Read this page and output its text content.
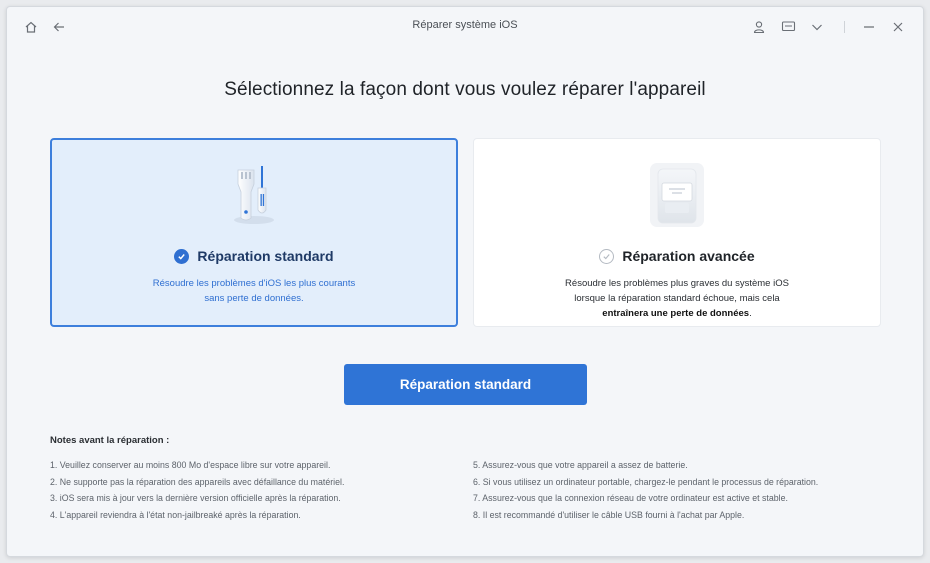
Réparer système iOS
Sélectionnez la façon dont vous voulez réparer l'appareil
Réparation standard
Résoudre les problèmes d'iOS les plus courants
sans perte de données.
Réparation avancée
Résoudre les problèmes plus graves du système iOS
lorsque la réparation standard échoue, mais cela
entraînera une perte de données.
Réparation standard
Notes avant la réparation :
1. Veuillez conserver au moins 800 Mo d'espace libre sur votre appareil.
2. Ne supporte pas la réparation des appareils avec défaillance du matériel.
3. iOS sera mis à jour vers la dernière version officielle après la réparation.
4. L'appareil reviendra à l'état non-jailbreaké après la réparation.
5. Assurez-vous que votre appareil a assez de batterie.
6. Si vous utilisez un ordinateur portable, chargez-le pendant le processus de réparation.
7. Assurez-vous que la connexion réseau de votre ordinateur est active et stable.
8. Il est recommandé d'utiliser le câble USB fourni à l'achat par Apple.
